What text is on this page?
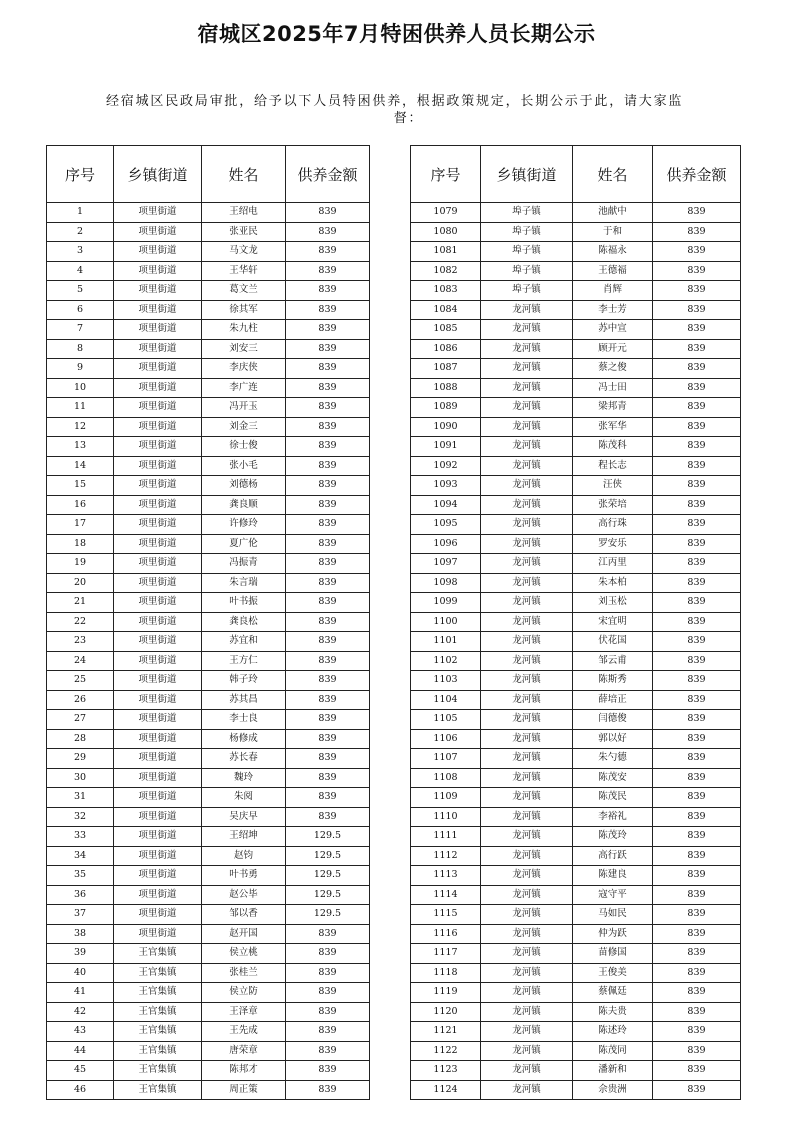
宿城区2025年7月特困供养人员长期公示
经宿城区民政局审批，给予以下人员特困供养，根据政策规定，长期公示于此，请大家监
督：
序号	乡镇街道	姓名	供养金额
1	项里街道	王绍电	839
2	项里街道	张亚民	839
3	项里街道	马文龙	839
4	项里街道	王华轩	839
5	项里街道	葛文兰	839
6	项里街道	徐其军	839
7	项里街道	朱九柱	839
8	项里街道	刘安三	839
9	项里街道	李庆侠	839
10	项里街道	李广连	839
11	项里街道	冯开玉	839
12	项里街道	刘金三	839
13	项里街道	徐士俊	839
14	项里街道	张小毛	839
15	项里街道	刘德杨	839
16	项里街道	龚良顺	839
17	项里街道	许修玲	839
18	项里街道	夏广伦	839
19	项里街道	冯振青	839
20	项里街道	朱言瑞	839
21	项里街道	叶书振	839
22	项里街道	龚良松	839
23	项里街道	苏宜和	839
24	项里街道	王方仁	839
25	项里街道	韩子玲	839
26	项里街道	苏其昌	839
27	项里街道	李士良	839
28	项里街道	杨修成	839
29	项里街道	苏长春	839
30	项里街道	魏玲	839
31	项里街道	朱阅	839
32	项里街道	吴庆早	839
33	项里街道	王绍坤	129.5
34	项里街道	赵钧	129.5
35	项里街道	叶书勇	129.5
36	项里街道	赵公毕	129.5
37	项里街道	邹以香	129.5
38	项里街道	赵开国	839
39	王官集镇	侯立桃	839
40	王官集镇	张桂兰	839
41	王官集镇	侯立防	839
42	王官集镇	王泽章	839
43	王官集镇	王先成	839
44	王官集镇	唐荣章	839
45	王官集镇	陈邦才	839
46	王官集镇	周正策	839
序号	乡镇街道	姓名	供养金额
1079	埠子镇	池献中	839
1080	埠子镇	于和	839
1081	埠子镇	陈福永	839
1082	埠子镇	王德福	839
1083	埠子镇	肖辉	839
1084	龙河镇	李士芳	839
1085	龙河镇	苏中宣	839
1086	龙河镇	顾开元	839
1087	龙河镇	蔡之俊	839
1088	龙河镇	冯士田	839
1089	龙河镇	梁邦青	839
1090	龙河镇	张军华	839
1091	龙河镇	陈茂科	839
1092	龙河镇	程长志	839
1093	龙河镇	汪侠	839
1094	龙河镇	张荣培	839
1095	龙河镇	高行珠	839
1096	龙河镇	罗安乐	839
1097	龙河镇	江丙里	839
1098	龙河镇	朱本柏	839
1099	龙河镇	刘玉松	839
1100	龙河镇	宋宜明	839
1101	龙河镇	伏花国	839
1102	龙河镇	邹云甫	839
1103	龙河镇	陈斯秀	839
1104	龙河镇	薛培正	839
1105	龙河镇	闫德俊	839
1106	龙河镇	郭以好	839
1107	龙河镇	朱勺德	839
1108	龙河镇	陈茂安	839
1109	龙河镇	陈茂民	839
1110	龙河镇	李裕礼	839
1111	龙河镇	陈茂玲	839
1112	龙河镇	高行跃	839
1113	龙河镇	陈建良	839
1114	龙河镇	寇守平	839
1115	龙河镇	马如民	839
1116	龙河镇	仲为跃	839
1117	龙河镇	苗修国	839
1118	龙河镇	王俊美	839
1119	龙河镇	蔡佩廷	839
1120	龙河镇	陈夫贵	839
1121	龙河镇	陈述玲	839
1122	龙河镇	陈茂同	839
1123	龙河镇	潘新和	839
1124	龙河镇	佘贵洲	839
